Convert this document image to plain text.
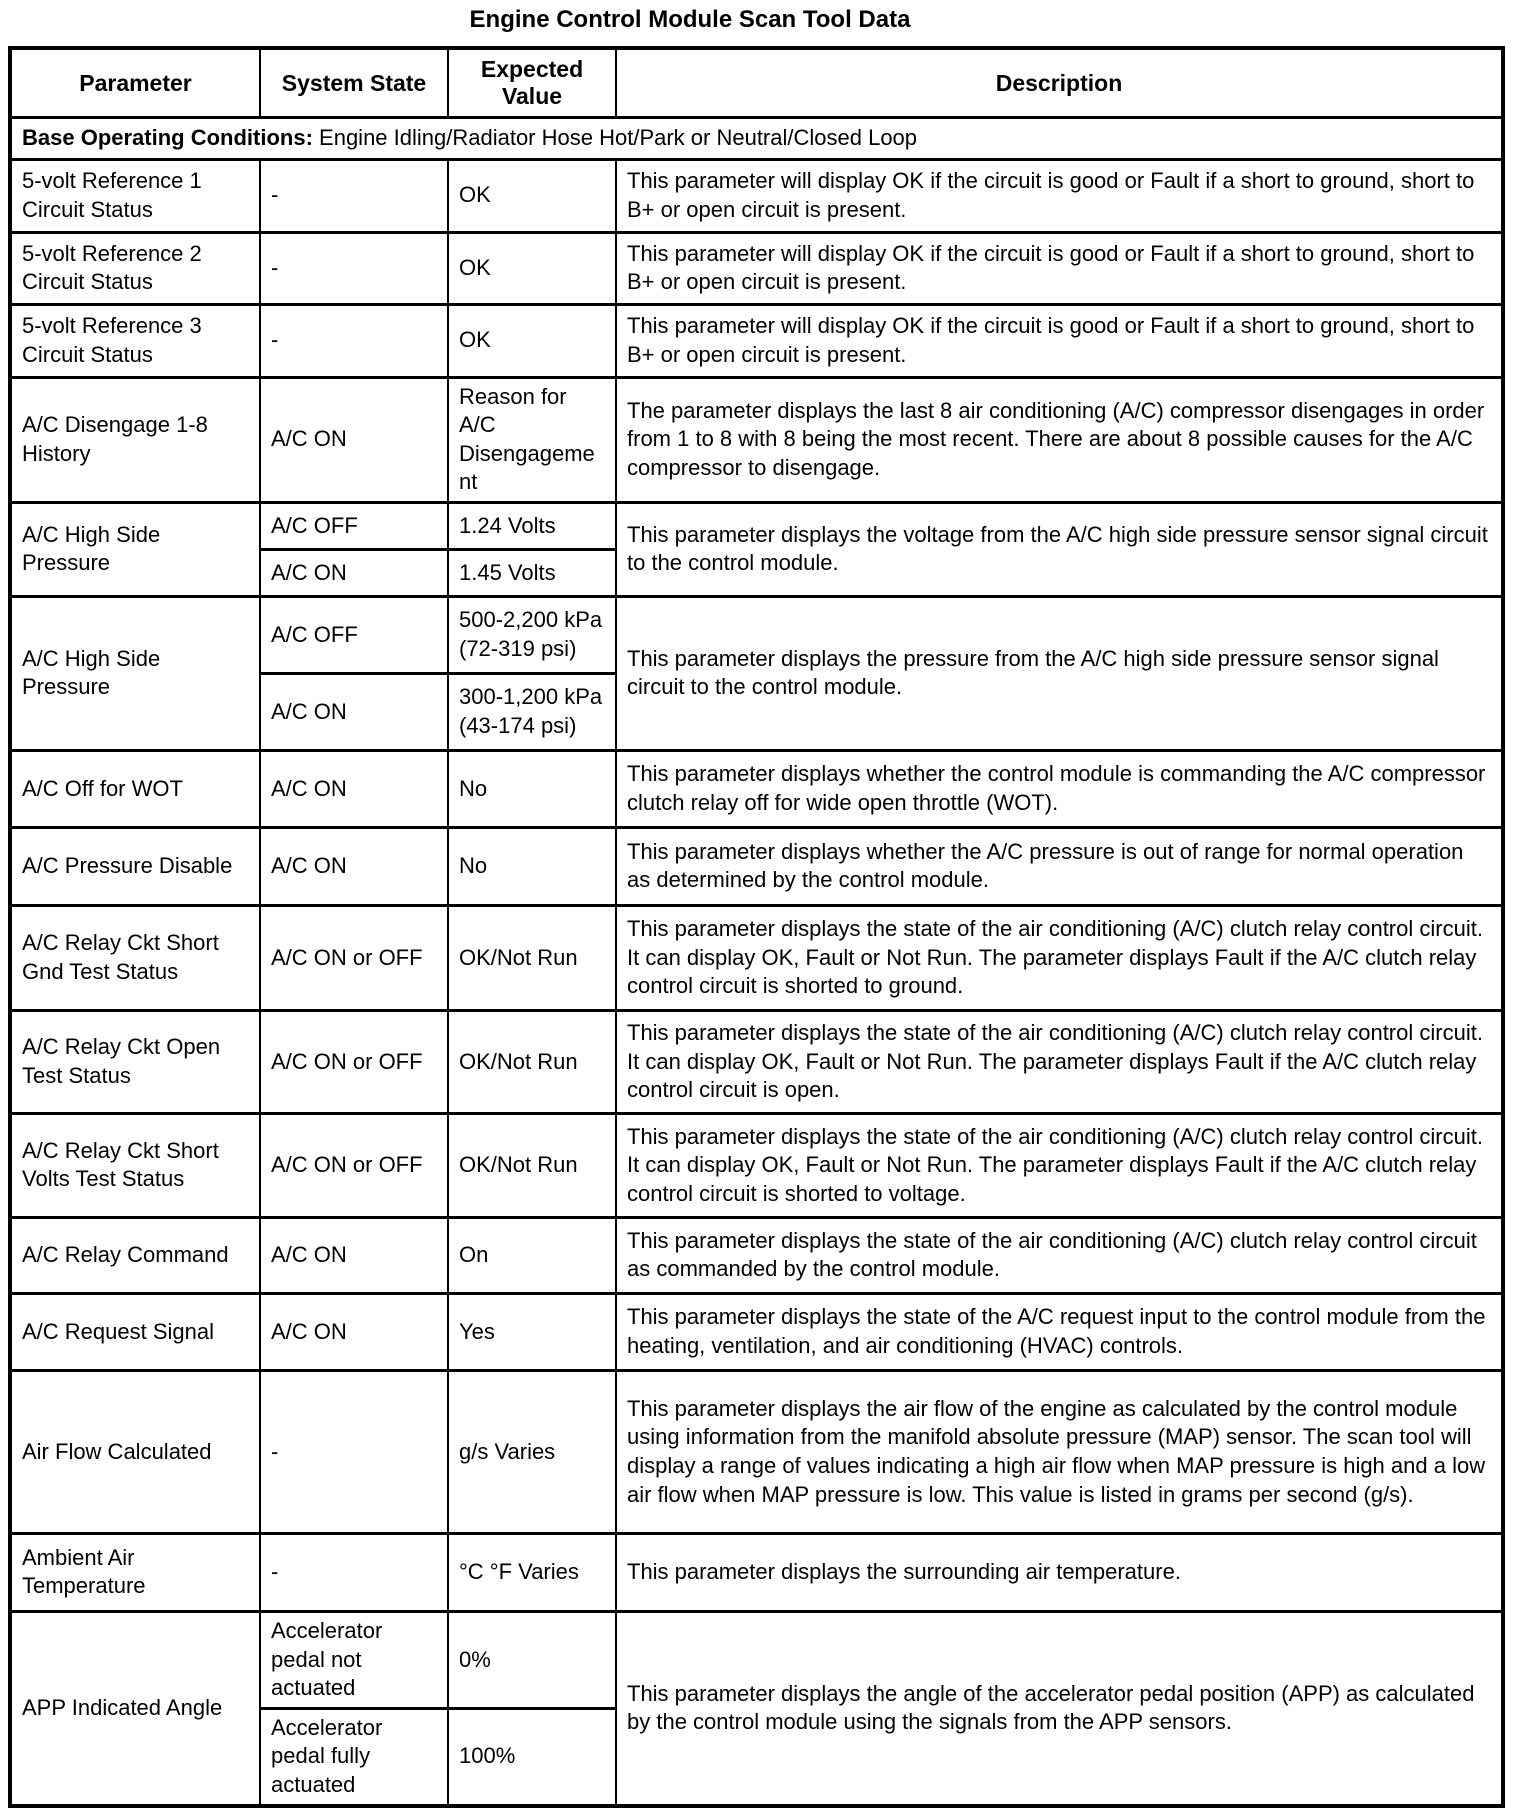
Engine Control Module Scan Tool Data
Parameter	System State	Expected Value	Description
Base Operating Conditions: Engine Idling/Radiator Hose Hot/Park or Neutral/Closed Loop			
5-volt Reference 1 Circuit Status	-	OK	This parameter will display OK if the circuit is good or Fault if a short to ground, short to B+ or open circuit is present.
5-volt Reference 2 Circuit Status	-	OK	This parameter will display OK if the circuit is good or Fault if a short to ground, short to B+ or open circuit is present.
5-volt Reference 3 Circuit Status	-	OK	This parameter will display OK if the circuit is good or Fault if a short to ground, short to B+ or open circuit is present.
A/C Disengage 1-8 History	A/C ON	Reason for A/C Disengagement	The parameter displays the last 8 air conditioning (A/C) compressor disengages in order from 1 to 8 with 8 being the most recent. There are about 8 possible causes for the A/C compressor to disengage.
A/C High Side Pressure	A/C OFF	1.24 Volts	This parameter displays the voltage from the A/C high side pressure sensor signal circuit to the control module.
	A/C ON	1.45 Volts	
A/C High Side Pressure	A/C OFF	500-2,200 kPa (72-319 psi)	This parameter displays the pressure from the A/C high side pressure sensor signal circuit to the control module.
	A/C ON	300-1,200 kPa (43-174 psi)	
A/C Off for WOT	A/C ON	No	This parameter displays whether the control module is commanding the A/C compressor clutch relay off for wide open throttle (WOT).
A/C Pressure Disable	A/C ON	No	This parameter displays whether the A/C pressure is out of range for normal operation as determined by the control module.
A/C Relay Ckt Short Gnd Test Status	A/C ON or OFF	OK/Not Run	This parameter displays the state of the air conditioning (A/C) clutch relay control circuit. It can display OK, Fault or Not Run. The parameter displays Fault if the A/C clutch relay control circuit is shorted to ground.
A/C Relay Ckt Open Test Status	A/C ON or OFF	OK/Not Run	This parameter displays the state of the air conditioning (A/C) clutch relay control circuit. It can display OK, Fault or Not Run. The parameter displays Fault if the A/C clutch relay control circuit is open.
A/C Relay Ckt Short Volts Test Status	A/C ON or OFF	OK/Not Run	This parameter displays the state of the air conditioning (A/C) clutch relay control circuit. It can display OK, Fault or Not Run. The parameter displays Fault if the A/C clutch relay control circuit is shorted to voltage.
A/C Relay Command	A/C ON	On	This parameter displays the state of the air conditioning (A/C) clutch relay control circuit as commanded by the control module.
A/C Request Signal	A/C ON	Yes	This parameter displays the state of the A/C request input to the control module from the heating, ventilation, and air conditioning (HVAC) controls.
Air Flow Calculated	-	g/s Varies	This parameter displays the air flow of the engine as calculated by the control module using information from the manifold absolute pressure (MAP) sensor. The scan tool will display a range of values indicating a high air flow when MAP pressure is high and a low air flow when MAP pressure is low. This value is listed in grams per second (g/s).
Ambient Air Temperature	-	°C °F Varies	This parameter displays the surrounding air temperature.
APP Indicated Angle	Accelerator pedal not actuated	0%	This parameter displays the angle of the accelerator pedal position (APP) as calculated by the control module using the signals from the APP sensors.
	Accelerator pedal fully actuated	100%	
